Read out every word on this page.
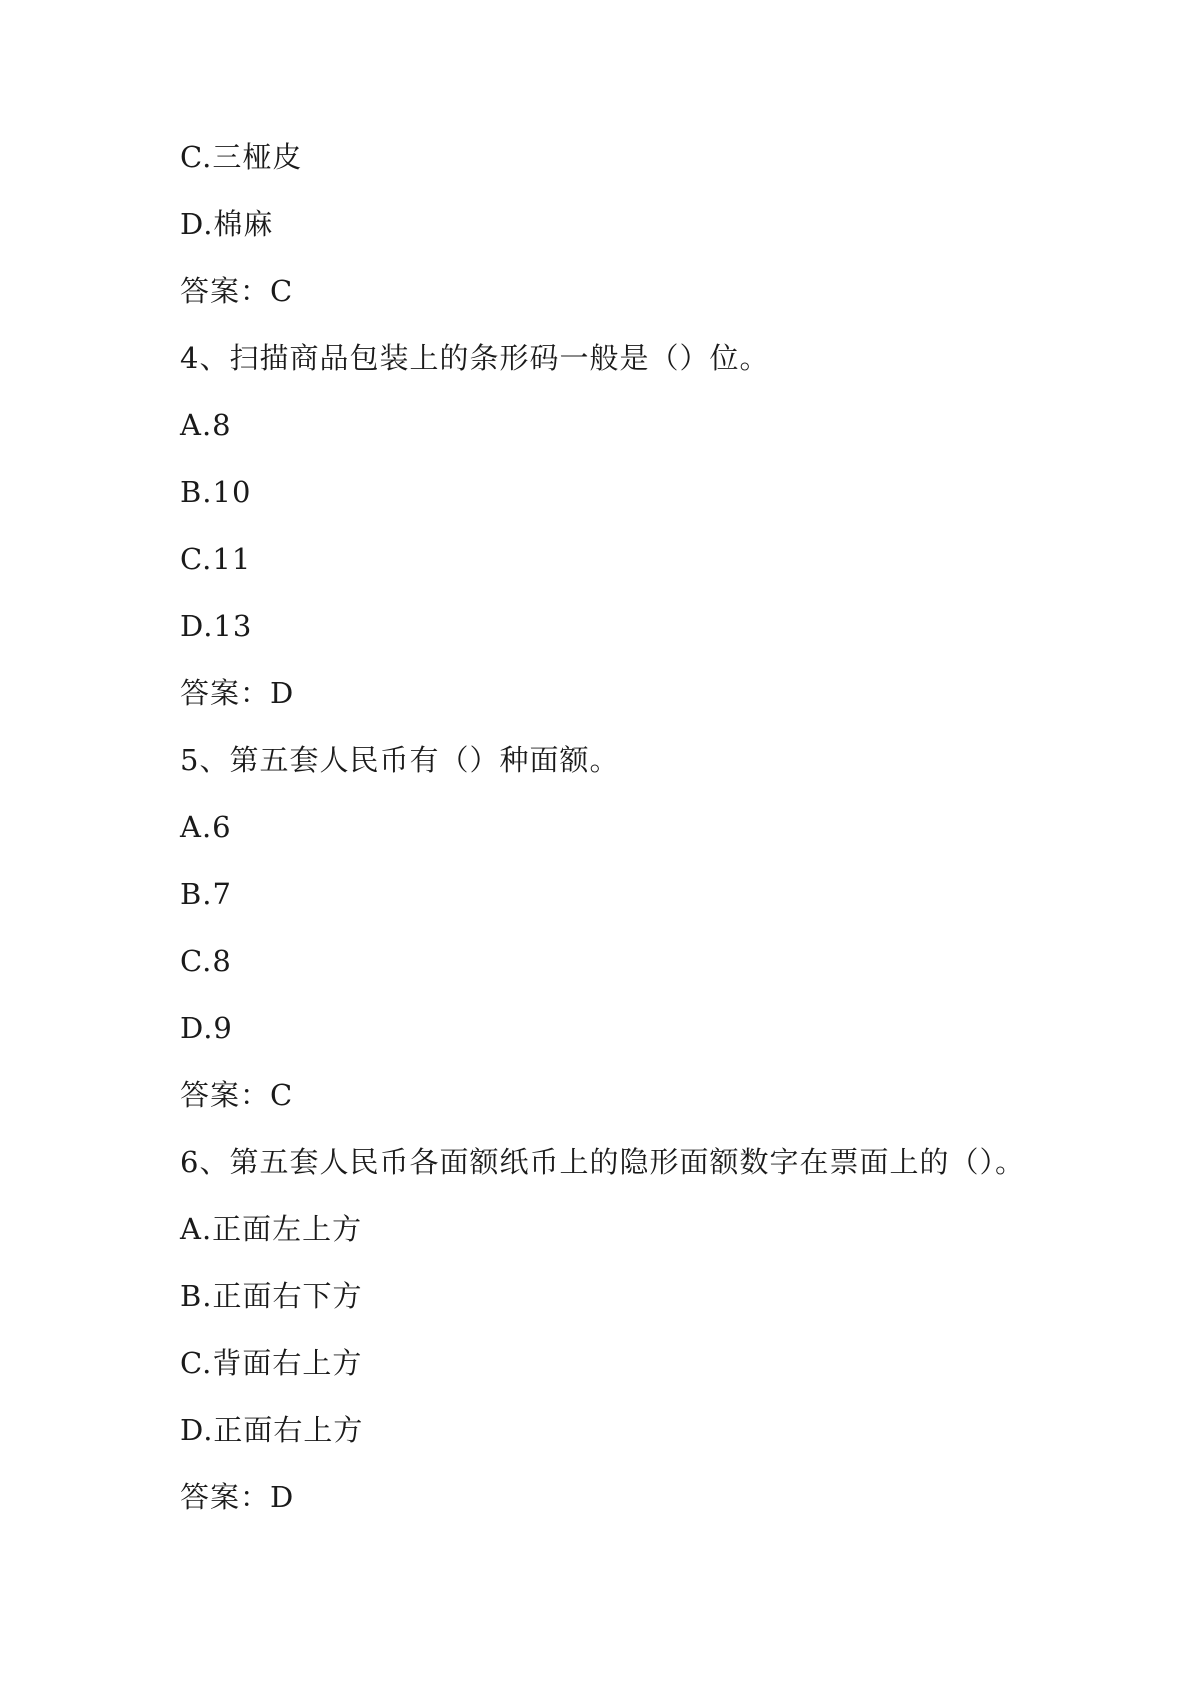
C.三桠皮
D.棉麻
答案：C
4、扫描商品包装上的条形码一般是（）位。
A.8
B.10
C.11
D.13
答案：D
5、第五套人民币有（）种面额。
A.6
B.7
C.8
D.9
答案：C
6、第五套人民币各面额纸币上的隐形面额数字在票面上的（）。
A.正面左上方
B.正面右下方
C.背面右上方
D.正面右上方
答案：D
